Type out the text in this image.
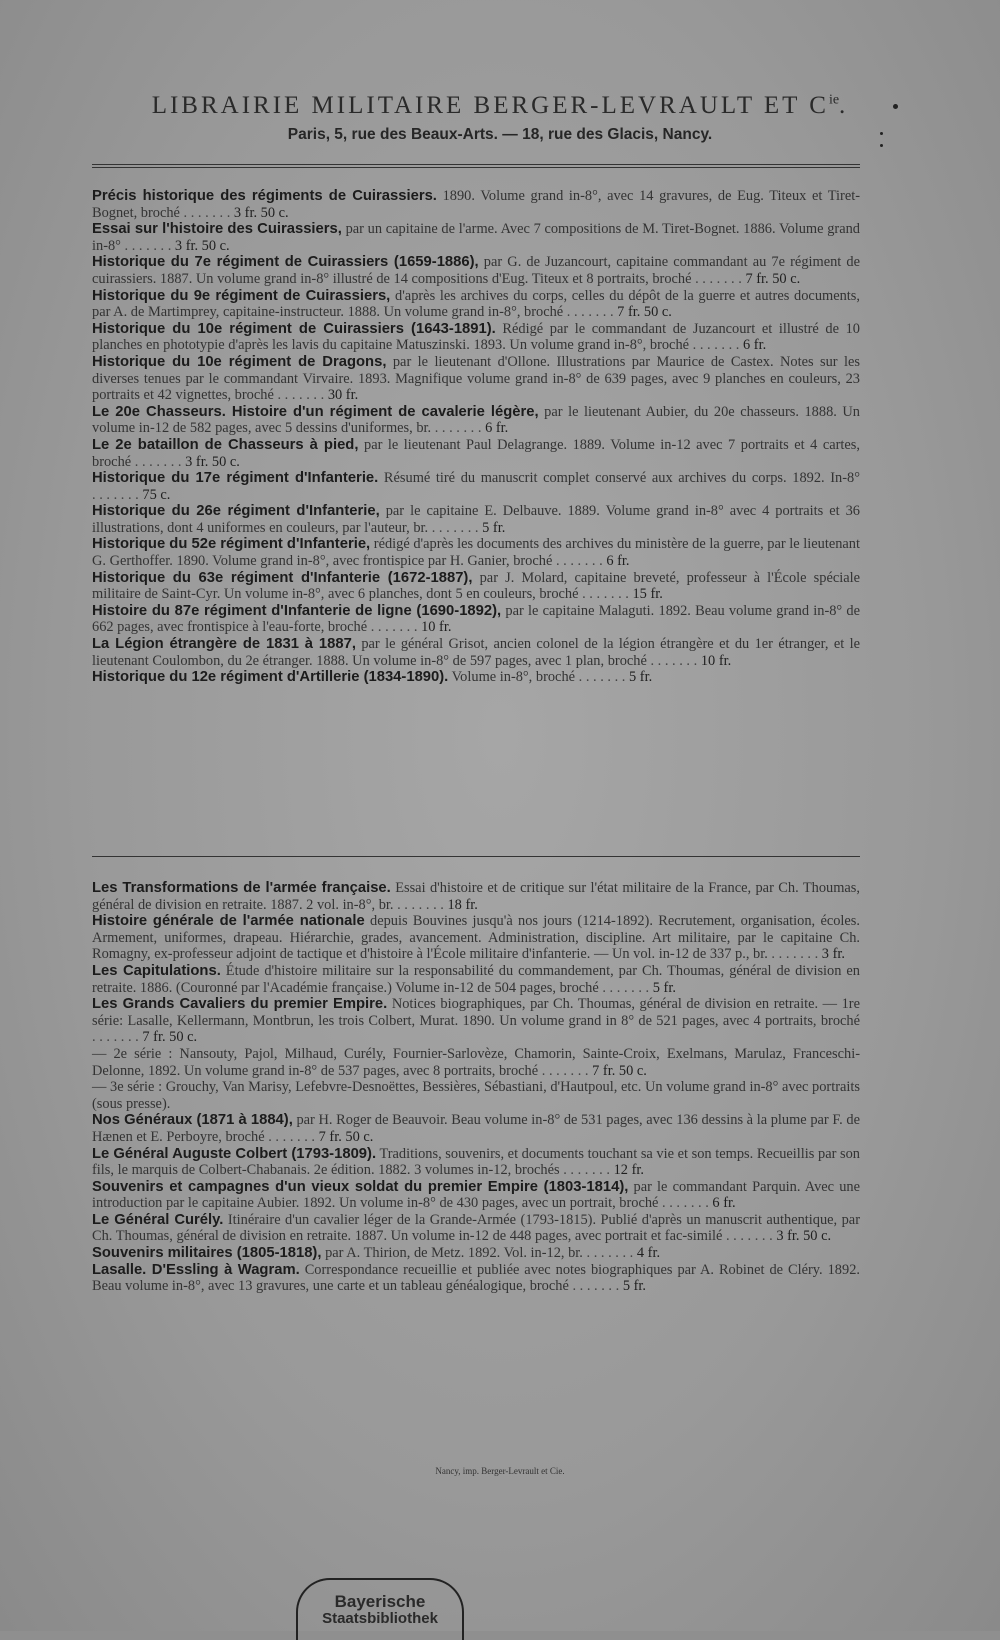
LIBRAIRIE MILITAIRE BERGER-LEVRAULT ET $C^{ie}$.
Paris, 5, rue des Beaux-Arts. — 18, rue des Glacis, Nancy.
Précis historique des régiments de Cuirassiers. 1890. Volume grand in-8°, avec 14 gravures, de Eug. Titeux et Tiret-Bognet, broché	. . . 3 fr. 50 c.
Essai sur l'histoire des Cuirassiers, par un capitaine de l'arme. Avec 7 compositions de M. Tiret-Bognet. 1886. Volume grand in-8°	. . . 3 fr. 50 c.
Historique du 7e régiment de Cuirassiers (1659-1886), par G. de Juzancourt, capitaine commandant au 7e régiment de cuirassiers. 1887. Un volume grand in-8° illustré de 14 compositions d'Eug. Titeux et 8 portraits, broché	. . . 7 fr. 50 c.
Historique du 9e régiment de Cuirassiers, d'après les archives du corps, celles du dépôt de la guerre et autres documents, par A. de Martimprey, capitaine-instructeur. 1888. Un volume grand in-8°, broché	. . . 7 fr. 50 c.
Historique du 10e régiment de Cuirassiers (1643-1891). Rédigé par le commandant de Juzancourt et illustré de 10 planches en phototypie d'après les lavis du capitaine Matuszinski. 1893. Un volume grand in-8°, broché	. . . 6 fr.
Historique du 10e régiment de Dragons, par le lieutenant d'Ollone. Illustrations par Maurice de Castex. Notes sur les diverses tenues par le commandant Virvaire. 1893. Magnifique volume grand in-8° de 639 pages, avec 9 planches en couleurs, 23 portraits et 42 vignettes, broché	. . . 30 fr.
Le 20e Chasseurs. Histoire d'un régiment de cavalerie légère, par le lieutenant Aubier, du 20e chasseurs. 1888. Un volume in-12 de 582 pages, avec 5 dessins d'uniformes, br.	. . . 6 fr.
Le 2e bataillon de Chasseurs à pied, par le lieutenant Paul Delagrange. 1889. Volume in-12 avec 7 portraits et 4 cartes, broché	. . . 3 fr. 50 c.
Historique du 17e régiment d'Infanterie. Résumé tiré du manuscrit complet conservé aux archives du corps. 1892. In-8°. . . 75 c.
Historique du 26e régiment d'Infanterie, par le capitaine E. Delbauve. 1889. Volume grand in-8° avec 4 portraits et 36 illustrations, dont 4 uniformes en couleurs, par l'auteur, br.	. . . 5 fr.
Historique du 52e régiment d'Infanterie, rédigé d'après les documents des archives du ministère de la guerre, par le lieutenant G. Gerthoffer. 1890. Volume grand in-8°, avec frontispice par H. Ganier, broché	. . . 6 fr.
Historique du 63e régiment d'Infanterie (1672-1887), par J. Molard, capitaine breveté, professeur à l'École spéciale militaire de Saint-Cyr. Un volume in-8°, avec 6 planches, dont 5 en couleurs, broché	. . . 15 fr.
Histoire du 87e régiment d'Infanterie de ligne (1690-1892), par le capitaine Malaguti. 1892. Beau volume grand in-8° de 662 pages, avec frontispice à l'eau-forte, broché	. . . 10 fr.
La Légion étrangère de 1831 à 1887, par le général Grisot, ancien colonel de la légion étrangère et du 1er étranger, et le lieutenant Coulombon, du 2e étranger. 1888. Un volume in-8° de 597 pages, avec 1 plan, broché	. . . 10 fr.
Historique du 12e régiment d'Artillerie (1834-1890). Volume in-8°, broché	. . . 5 fr.
Les Transformations de l'armée française. Essai d'histoire et de critique sur l'état militaire de la France, par Ch. Thoumas, général de division en retraite. 1887. 2 vol. in-8°, br.	. . . 18 fr.
Histoire générale de l'armée nationale depuis Bouvines jusqu'à nos jours (1214-1892). Recrutement, organisation, écoles. Armement, uniformes, drapeau. Hiérarchie, grades, avancement. Administration, discipline. Art militaire, par le capitaine Ch. Romagny, ex-professeur adjoint de tactique et d'histoire à l'École militaire d'infanterie. — Un vol. in-12 de 337 p., br.	. . . 3 fr.
Les Capitulations. Étude d'histoire militaire sur la responsabilité du commandement, par Ch. Thoumas, général de division en retraite. 1886. (Couronné par l'Académie française.) Volume in-12 de 504 pages, broché	. . . 5 fr.
Les Grands Cavaliers du premier Empire. Notices biographiques, par Ch. Thoumas, général de division en retraite. — 1re série: Lasalle, Kellermann, Montbrun, les trois Colbert, Murat. 1890. Un volume grand in 8° de 521 pages, avec 4 portraits, broché. . . 7 fr. 50 c.
— 2e série : Nansouty, Pajol, Milhaud, Curély, Fournier-Sarlovèze, Chamorin, Sainte-Croix, Exelmans, Marulaz, Franceschi-Delonne, 1892. Un volume grand in-8° de 537 pages, avec 8 portraits, broché	. . . 7 fr. 50 c.
— 3e série : Grouchy, Van Marisy, Lefebvre-Desnoëttes, Bessières, Sébastiani, d'Hautpoul, etc. Un volume grand in-8° avec portraits (sous presse).
Nos Généraux (1871 à 1884), par H. Roger de Beauvoir. Beau volume in-8° de 531 pages, avec 136 dessins à la plume par F. de Hænen et E. Perboyre, broché	. . . 7 fr. 50 c.
Le Général Auguste Colbert (1793-1809). Traditions, souvenirs, et documents touchant sa vie et son temps. Recueillis par son fils, le marquis de Colbert-Chabanais. 2e édition. 1882. 3 volumes in-12, brochés	. . . 12 fr.
Souvenirs et campagnes d'un vieux soldat du premier Empire (1803-1814), par le commandant Parquin. Avec une introduction par le capitaine Aubier. 1892. Un volume in-8° de 430 pages, avec un portrait, broché	. . . 6 fr.
Le Général Curély. Itinéraire d'un cavalier léger de la Grande-Armée (1793-1815). Publié d'après un manuscrit authentique, par Ch. Thoumas, général de division en retraite. 1887. Un volume in-12 de 448 pages, avec portrait et fac-similé	. . . 3 fr. 50 c.
Souvenirs militaires (1805-1818), par A. Thirion, de Metz. 1892. Vol. in-12, br.	. . . 4 fr.
Lasalle. D'Essling à Wagram. Correspondance recueillie et publiée avec notes biographiques par A. Robinet de Cléry. 1892. Beau volume in-8°, avec 13 gravures, une carte et un tableau généalogique, broché	. . . 5 fr.
Nancy, imp. Berger-Levrault et Cie.
Bayerische
Staatsbibliothek
